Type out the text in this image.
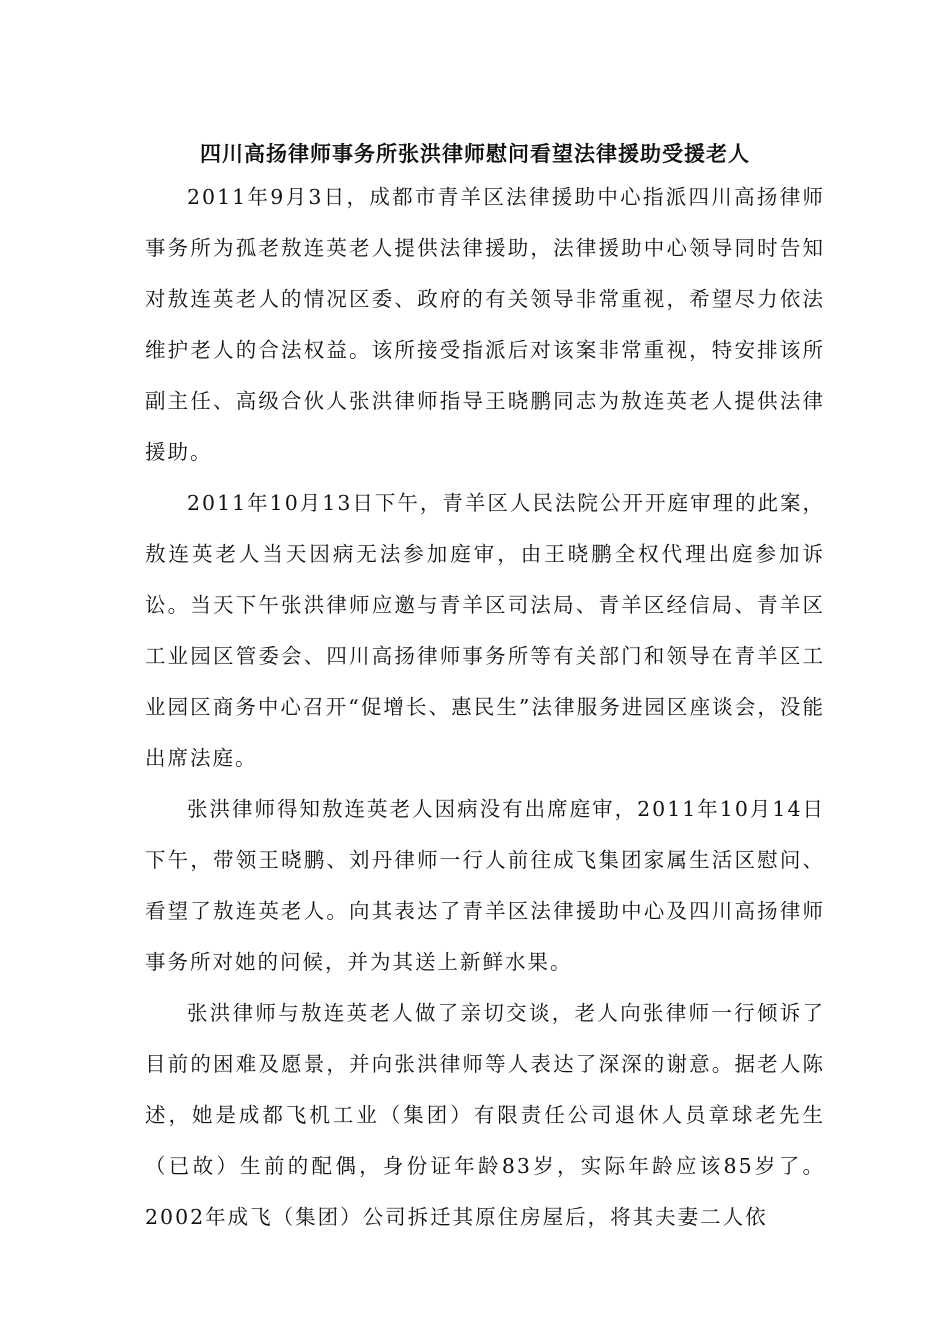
四川高扬律师事务所张洪律师慰问看望法律援助受援老人

2011年9月3日，成都市青羊区法律援助中心指派四川高扬律师事务所为孤老敖连英老人提供法律援助，法律援助中心领导同时告知对敖连英老人的情况区委、政府的有关领导非常重视，希望尽力依法维护老人的合法权益。该所接受指派后对该案非常重视，特安排该所副主任、高级合伙人张洪律师指导王晓鹏同志为敖连英老人提供法律援助。

2011年10月13日下午，青羊区人民法院公开开庭审理的此案，敖连英老人当天因病无法参加庭审，由王晓鹏全权代理出庭参加诉讼。当天下午张洪律师应邀与青羊区司法局、青羊区经信局、青羊区工业园区管委会、四川高扬律师事务所等有关部门和领导在青羊区工业园区商务中心召开“促增长、惠民生”法律服务进园区座谈会，没能出席法庭。

张洪律师得知敖连英老人因病没有出席庭审，2011年10月14日下午，带领王晓鹏、刘丹律师一行人前往成飞集团家属生活区慰问、看望了敖连英老人。向其表达了青羊区法律援助中心及四川高扬律师事务所对她的问候，并为其送上新鲜水果。

张洪律师与敖连英老人做了亲切交谈，老人向张律师一行倾诉了目前的困难及愿景，并向张洪律师等人表达了深深的谢意。据老人陈述，她是成都飞机工业（集团）有限责任公司退休人员章球老先生（已故）生前的配偶，身份证年龄83岁，实际年龄应该85岁了。2002年成飞（集团）公司拆迁其原住房屋后，将其夫妻二人依
